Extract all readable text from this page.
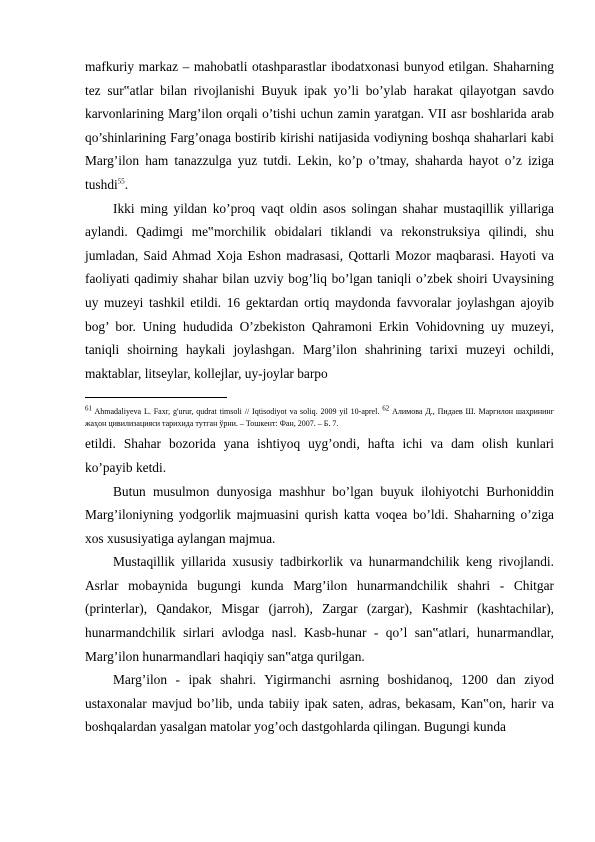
mafkuriy markaz – mahobatli otashparastlar ibodatxonasi bunyod etilgan. Shaharning tez sur‟atlar bilan rivojlanishi Buyuk ipak yo’li bo’ylab harakat qilayotgan savdo karvonlarining Marg’ilon orqali o’tishi uchun zamin yaratgan. VII asr boshlarida arab qo’shinlarining Farg’onaga bostirib kirishi natijasida vodiyning boshqa shaharlari kabi Marg’ilon ham tanazzulga yuz tutdi. Lekin, ko’p o’tmay, shaharda hayot o’z iziga tushdi$^{55}$.

Ikki ming yildan ko’proq vaqt oldin asos solingan shahar mustaqillik yillariga aylandi. Qadimgi me‟morchilik obidalari tiklandi va rekonstruksiya qilindi, shu jumladan, Said Ahmad Xoja Eshon madrasasi, Qottarli Mozor maqbarasi. Hayoti va faoliyati qadimiy shahar bilan uzviy bog’liq bo’lgan taniqli o’zbek shoiri Uvaysining uy muzeyi tashkil etildi. 16 gektardan ortiq maydonda favvoralar joylashgan ajoyib bog’ bor. Uning hududida O’zbekiston Qahramoni Erkin Vohidovning uy muzeyi, taniqli shoirning haykali joylashgan. Marg’ilon shahrining tarixi muzeyi ochildi, maktablar, litseylar, kollejlar, uy-joylar barpo

$^{61}$ Ahmadaliyeva L. Faxr, g'urur, qudrat timsoli // Iqtisodiyot va soliq. 2009 yil 10-aprel. $^{62}$ Алимова Д., Пидаев Ш. Маргилон шаҳрининг жаҳон цивилизацияси тарихида тутган ўрни. – Тошкент: Фан, 2007. – Б. 7.

etildi. Shahar bozorida yana ishtiyoq uyg’ondi, hafta ichi va dam olish kunlari ko’payib ketdi.

Butun musulmon dunyosiga mashhur bo’lgan buyuk ilohiyotchi Burhoniddin Marg’iloniyning yodgorlik majmuasini qurish katta voqea bo’ldi. Shaharning o’ziga xos xususiyatiga aylangan majmua.

Mustaqillik yillarida xususiy tadbirkorlik va hunarmandchilik keng rivojlandi. Asrlar mobaynida bugungi kunda Marg’ilon hunarmandchilik shahri - Chitgar (printerlar), Qandakor, Misgar (jarroh), Zargar (zargar), Kashmir (kashtachilar), hunarmandchilik sirlari avlodga nasl. Kasb-hunar - qo’l san‟atlari, hunarmandlar, Marg’ilon hunarmandlari haqiqiy san‟atga qurilgan.

Marg’ilon - ipak shahri. Yigirmanchi asrning boshidanoq, 1200 dan ziyod ustaxonalar mavjud bo’lib, unda tabiiy ipak saten, adras, bekasam, Kan‟on, harir va boshqalardan yasalgan matolar yog’och dastgohlarda qilingan. Bugungi kunda
